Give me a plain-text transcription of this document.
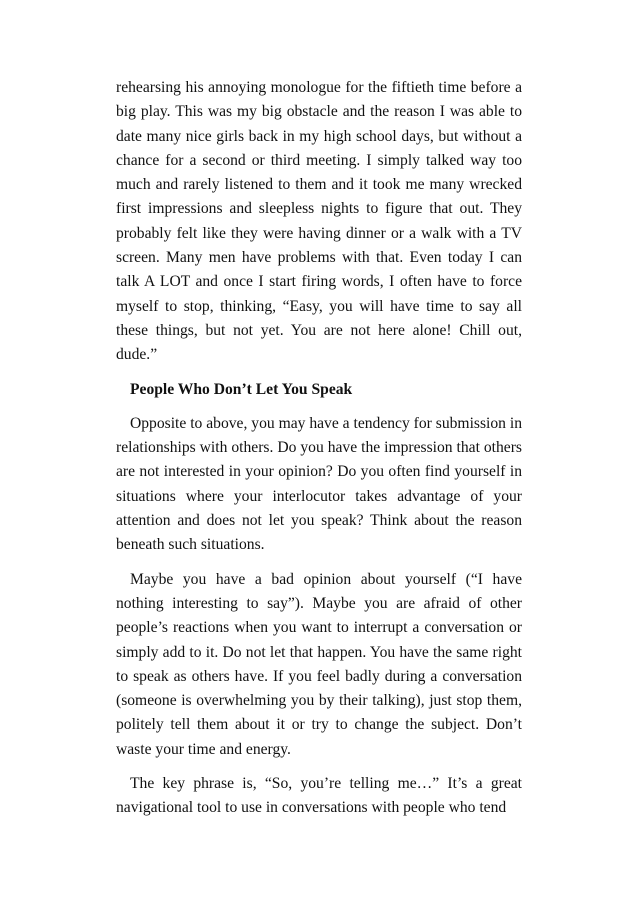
rehearsing his annoying monologue for the fiftieth time before a big play. This was my big obstacle and the reason I was able to date many nice girls back in my high school days, but without a chance for a second or third meeting. I simply talked way too much and rarely listened to them and it took me many wrecked first impressions and sleepless nights to figure that out. They probably felt like they were having dinner or a walk with a TV screen. Many men have problems with that. Even today I can talk A LOT and once I start firing words, I often have to force myself to stop, thinking, “Easy, you will have time to say all these things, but not yet. You are not here alone! Chill out, dude.”

People Who Don’t Let You Speak

Opposite to above, you may have a tendency for submission in relationships with others. Do you have the impression that others are not interested in your opinion? Do you often find yourself in situations where your interlocutor takes advantage of your attention and does not let you speak? Think about the reason beneath such situations.

Maybe you have a bad opinion about yourself (“I have nothing interesting to say”). Maybe you are afraid of other people’s reactions when you want to interrupt a conversation or simply add to it. Do not let that happen. You have the same right to speak as others have. If you feel badly during a conversation (someone is overwhelming you by their talking), just stop them, politely tell them about it or try to change the subject. Don’t waste your time and energy.

The key phrase is, “So, you’re telling me…” It’s a great navigational tool to use in conversations with people who tend
